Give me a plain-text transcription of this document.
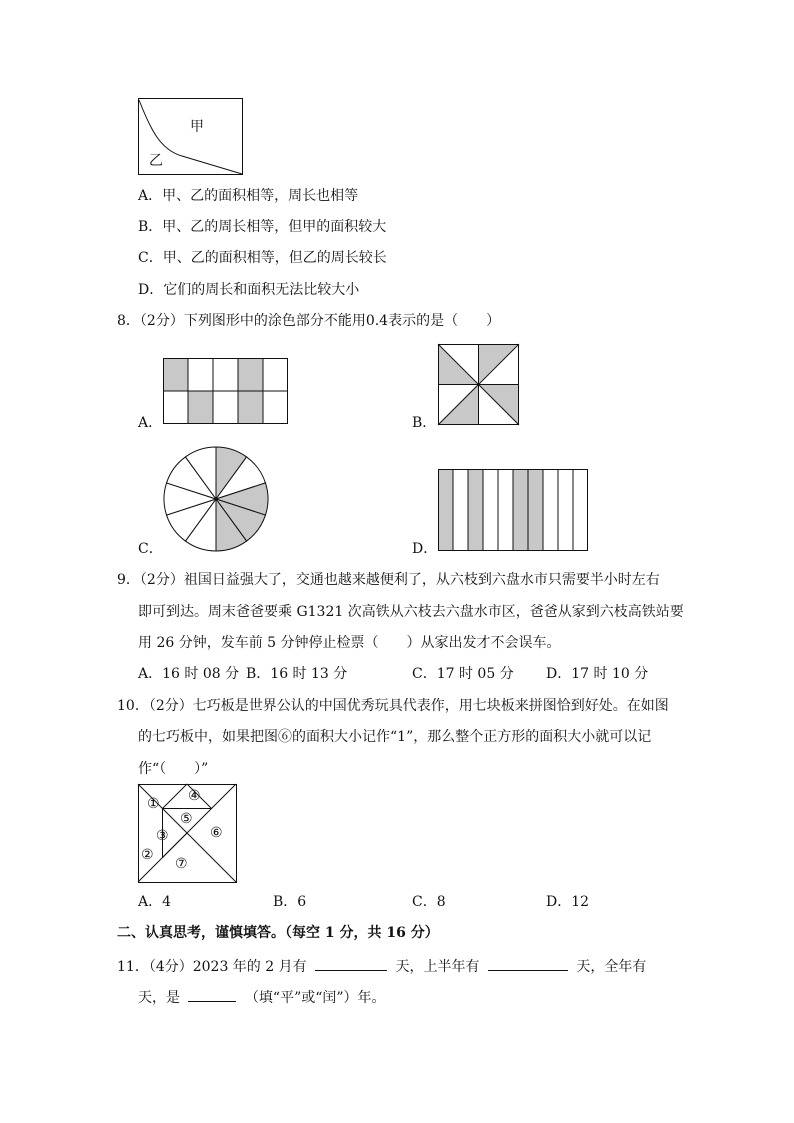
甲
乙
A．甲、乙的面积相等，周长也相等
B．甲、乙的周长相等，但甲的面积较大
C．甲、乙的面积相等，但乙的周长较长
D．它们的周长和面积无法比较大小
8．（2分）下列图形中的涂色部分不能用0.4表示的是（　　）
A．	B．
C．	D．
9．（2分）祖国日益强大了，交通也越来越便利了，从六枝到六盘水市只需要半小时左右
即可到达。周末爸爸要乘 G1321 次高铁从六枝去六盘水市区，爸爸从家到六枝高铁站要
用 26 分钟，发车前 5 分钟停止检票（　　）从家出发才不会误车。
A．16 时 08 分 B．16 时 13 分	C．17 时 05 分 D．17 时 10 分
10．（2分）七巧板是世界公认的中国优秀玩具代表作，用七块板来拼图恰到好处。在如图
的七巧板中，如果把图⑥的面积大小记作“1”，那么整个正方形的面积大小就可以记
作“（　　）”
① ④
⑤
③	⑥
②
⑦
A．4	B．6	C．8	D．12
二、认真思考，谨慎填答。（每空 1 分，共 16 分）
11．（4分）2023 年的 2 月有	天，上半年有	天，全年有
天，是	（填“平”或“闰”）年。
